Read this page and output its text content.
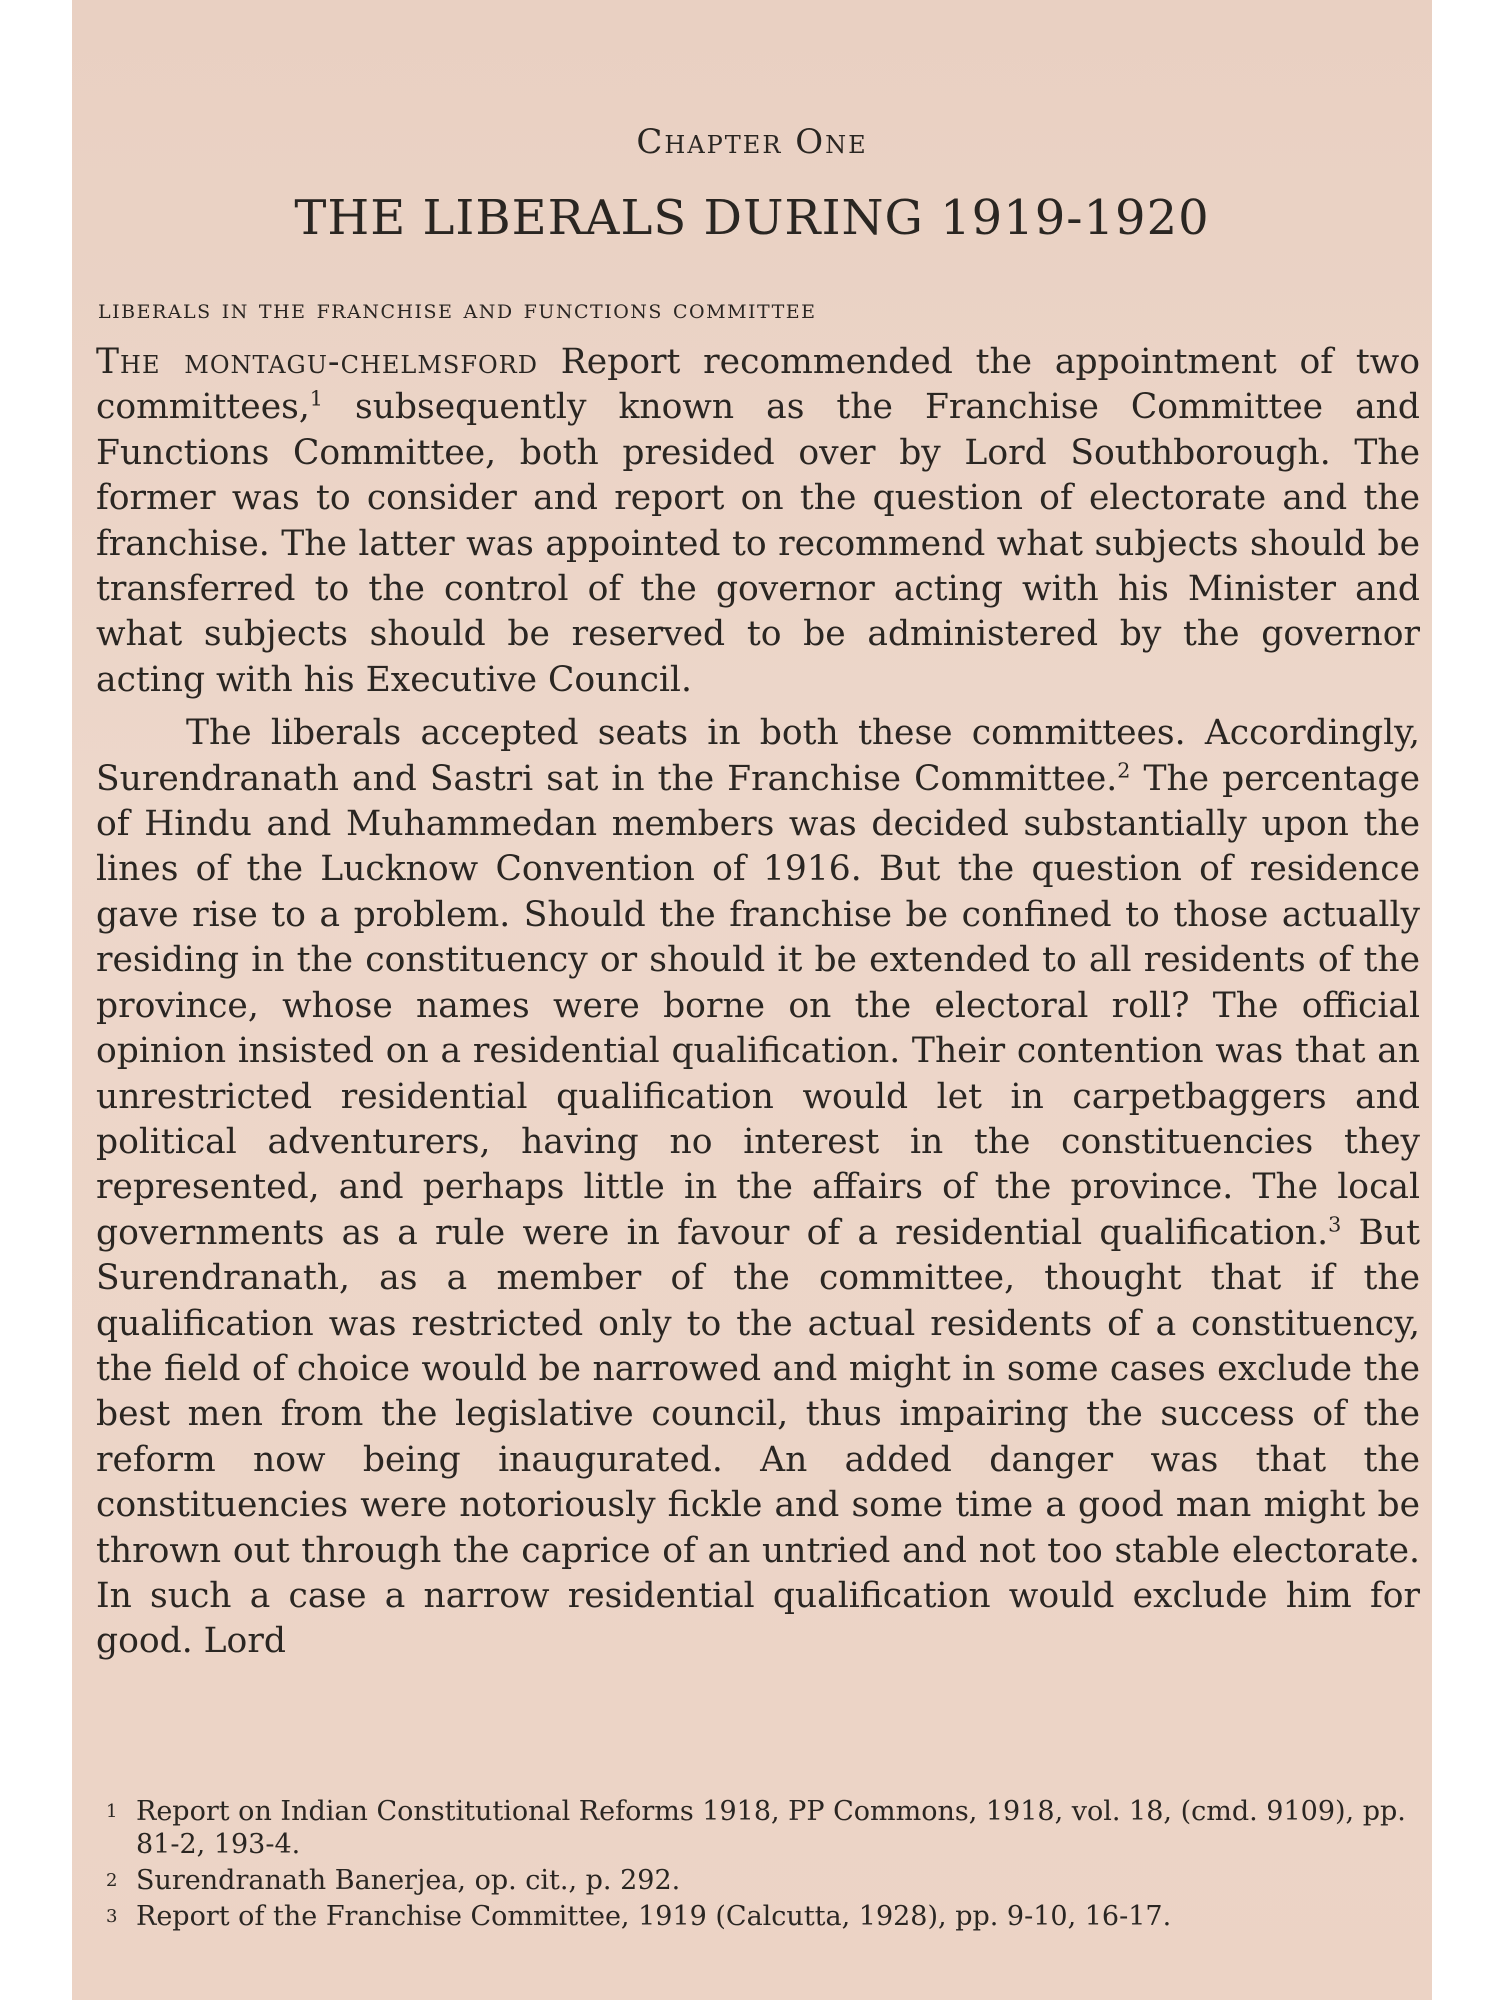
Chapter One
THE LIBERALS DURING 1919-1920
liberals in the franchise and functions committee

The montagu-chelmsford Report recommended the appointment of two committees,$^1$ subsequently known as the Franchise Committee and Functions Committee, both presided over by Lord Southborough. The former was to consider and report on the question of electorate and the franchise. The latter was appointed to recommend what subjects should be transferred to the control of the governor acting with his Minister and what subjects should be reserved to be administered by the governor acting with his Executive Council.

The liberals accepted seats in both these committees. Accordingly, Surendranath and Sastri sat in the Franchise Committee.$^2$ The percentage of Hindu and Muhammedan members was decided substantially upon the lines of the Lucknow Convention of 1916. But the question of residence gave rise to a problem. Should the franchise be confined to those actually residing in the constituency or should it be extended to all residents of the province, whose names were borne on the electoral roll? The official opinion insisted on a residential qualification. Their contention was that an unrestricted residential qualification would let in carpetbaggers and political adventurers, having no interest in the constituencies they represented, and perhaps little in the affairs of the province. The local governments as a rule were in favour of a residential qualification.$^3$ But Surendranath, as a member of the committee, thought that if the qualification was restricted only to the actual residents of a constituency, the field of choice would be narrowed and might in some cases exclude the best men from the legislative council, thus impairing the success of the reform now being inaugurated. An added danger was that the constituencies were notoriously fickle and some time a good man might be thrown out through the caprice of an untried and not too stable electorate. In such a case a narrow residential qualification would exclude him for good. Lord

1 Report on Indian Constitutional Reforms 1918, PP Commons, 1918, vol. 18, (cmd. 9109), pp. 81-2, 193-4.
2 Surendranath Banerjea, op. cit., p. 292.
3 Report of the Franchise Committee, 1919 (Calcutta, 1928), pp. 9-10, 16-17.
